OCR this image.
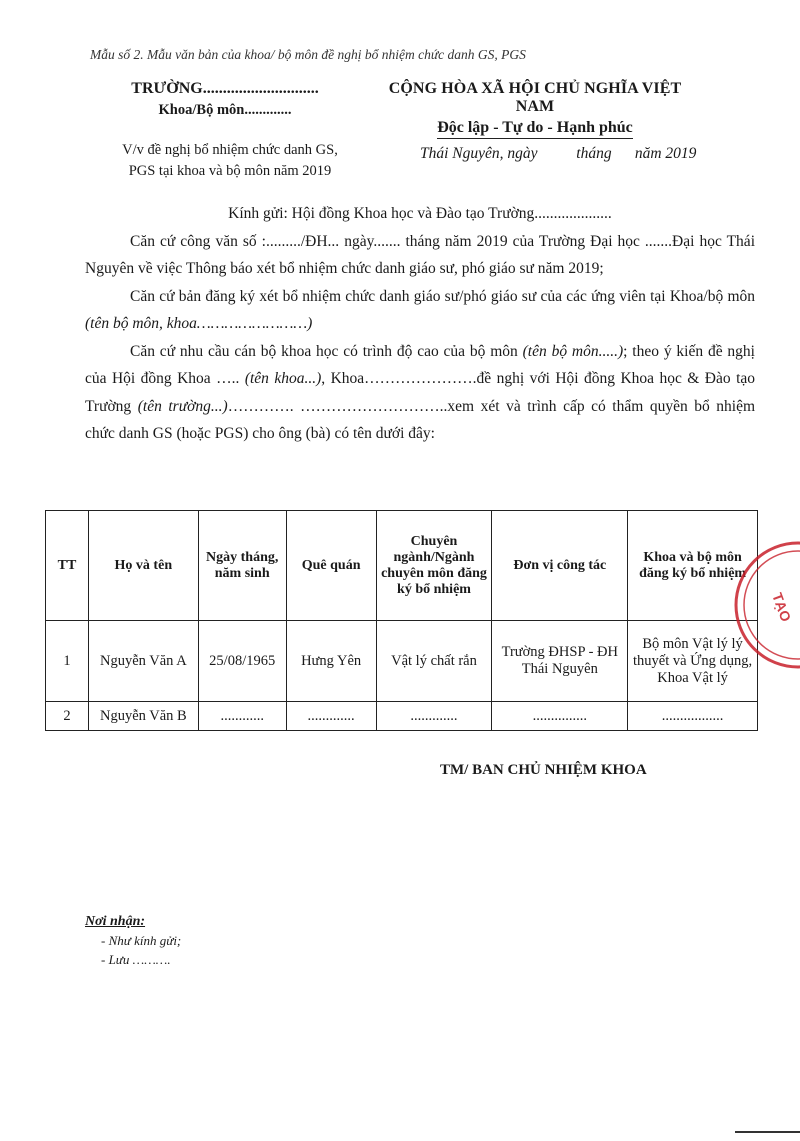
Mẫu số 2. Mẫu văn bản của khoa/ bộ môn đề nghị bổ nhiệm chức danh GS, PGS
TRƯỜNG.............................
Khoa/Bộ môn.............
CỘNG HÒA XÃ HỘI CHỦ NGHĨA VIỆT NAM
Độc lập - Tự do - Hạnh phúc
V/v đề nghị bổ nhiệm chức danh GS,
PGS tại khoa và bộ môn năm 2019
Thái Nguyên, ngày          tháng      năm 2019

Kính gửi: Hội đồng Khoa học và Đào tạo Trường....................

Căn cứ công văn số :........./ĐH... ngày....... tháng năm 2019 của Trường Đại học .......Đại học Thái Nguyên về việc Thông báo xét bổ nhiệm chức danh giáo sư, phó giáo sư năm 2019;

Căn cứ bản đăng ký xét bổ nhiệm chức danh giáo sư/phó giáo sư của các ứng viên tại Khoa/bộ môn (tên bộ môn, khoa……………………)

Căn cứ nhu cầu cán bộ khoa học có trình độ cao của bộ môn (tên bộ môn.....); theo ý kiến đề nghị của Hội đồng Khoa ….. (tên khoa...), Khoa………………….đề nghị với Hội đồng Khoa học & Đào tạo Trường (tên trường...)…………. ………………………..xem xét và trình cấp có thẩm quyền bổ nhiệm chức danh GS (hoặc PGS) cho ông (bà) có tên dưới đây:

TT	Họ và tên	Ngày tháng, năm sinh	Quê quán	Chuyên ngành/Ngành chuyên môn đăng ký bổ nhiệm	Đơn vị công tác	Khoa và bộ môn đăng ký bổ nhiệm
1	Nguyễn Văn A	25/08/1965	Hưng Yên	Vật lý chất rắn	Trường ĐHSP - ĐH Thái Nguyên	Bộ môn Vật lý lý thuyết và Ứng dụng, Khoa Vật lý
2	Nguyễn Văn B	............	.............	.............	...............	.................
TM/ BAN CHỦ NHIỆM KHOA
Nơi nhận:
- Như kính gửi;
- Lưu ……….
TẠO
